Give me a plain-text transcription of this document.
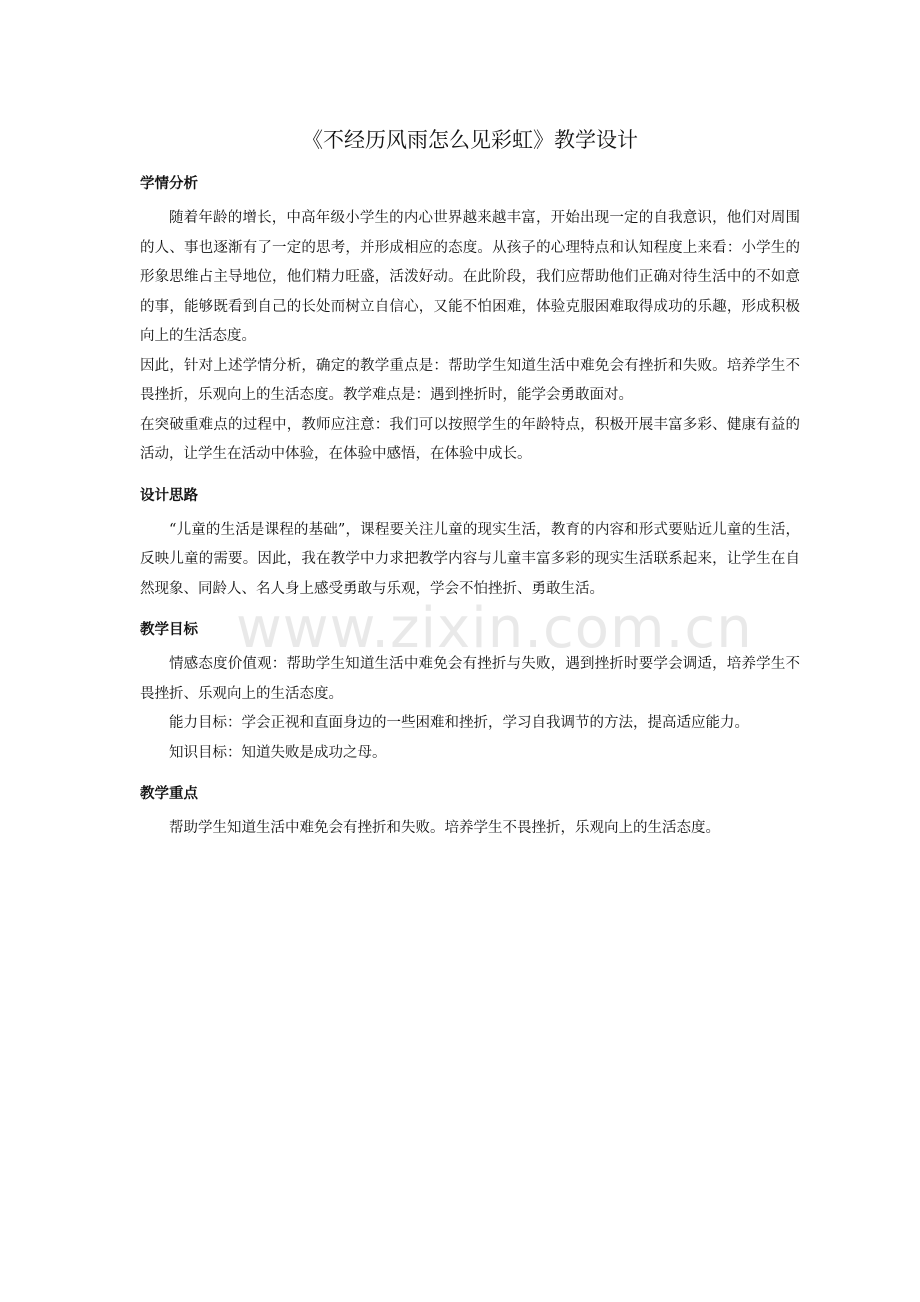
《不经历风雨怎么见彩虹》教学设计
学情分析

随着年龄的增长，中高年级小学生的内心世界越来越丰富，开始出现一定的自我意识，他们对周围的人、事也逐渐有了一定的思考，并形成相应的态度。从孩子的心理特点和认知程度上来看：小学生的形象思维占主导地位，他们精力旺盛，活泼好动。在此阶段，我们应帮助他们正确对待生活中的不如意的事，能够既看到自己的长处而树立自信心，又能不怕困难，体验克服困难取得成功的乐趣，形成积极向上的生活态度。

因此，针对上述学情分析，确定的教学重点是：帮助学生知道生活中难免会有挫折和失败。培养学生不畏挫折，乐观向上的生活态度。教学难点是：遇到挫折时，能学会勇敢面对。

在突破重难点的过程中，教师应注意：我们可以按照学生的年龄特点，积极开展丰富多彩、健康有益的活动，让学生在活动中体验，在体验中感悟，在体验中成长。

设计思路

“儿童的生活是课程的基础”，课程要关注儿童的现实生活，教育的内容和形式要贴近儿童的生活，反映儿童的需要。因此，我在教学中力求把教学内容与儿童丰富多彩的现实生活联系起来，让学生在自然现象、同龄人、名人身上感受勇敢与乐观，学会不怕挫折、勇敢生活。

教学目标

情感态度价值观：帮助学生知道生活中难免会有挫折与失败，遇到挫折时要学会调适，培养学生不畏挫折、乐观向上的生活态度。

能力目标：学会正视和直面身边的一些困难和挫折，学习自我调节的方法，提高适应能力。

知识目标：知道失败是成功之母。

教学重点

帮助学生知道生活中难免会有挫折和失败。培养学生不畏挫折，乐观向上的生活态度。

www.zixin.com.cn
